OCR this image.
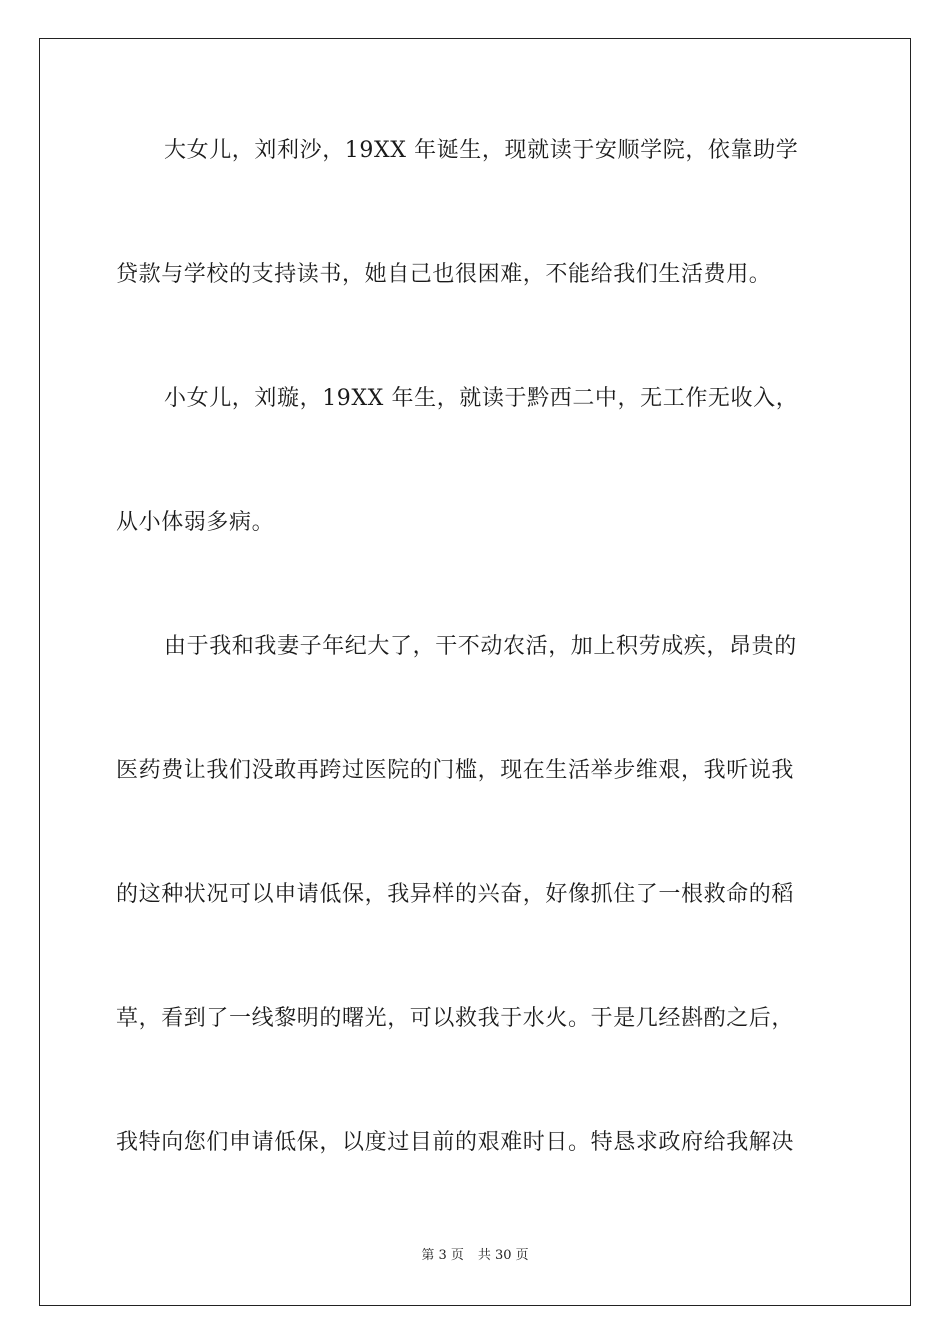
大女儿，刘利沙，19XX 年诞生，现就读于安顺学院，依靠助学
贷款与学校的支持读书，她自己也很困难，不能给我们生活费用。
小女儿，刘璇，19XX 年生，就读于黔西二中，无工作无收入，
从小体弱多病。
由于我和我妻子年纪大了，干不动农活，加上积劳成疾，昂贵的
医药费让我们没敢再跨过医院的门槛，现在生活举步维艰，我听说我
的这种状况可以申请低保，我异样的兴奋，好像抓住了一根救命的稻
草，看到了一线黎明的曙光，可以救我于水火。于是几经斟酌之后，
我特向您们申请低保，以度过目前的艰难时日。特恳求政府给我解决
第 3 页 共 30 页
